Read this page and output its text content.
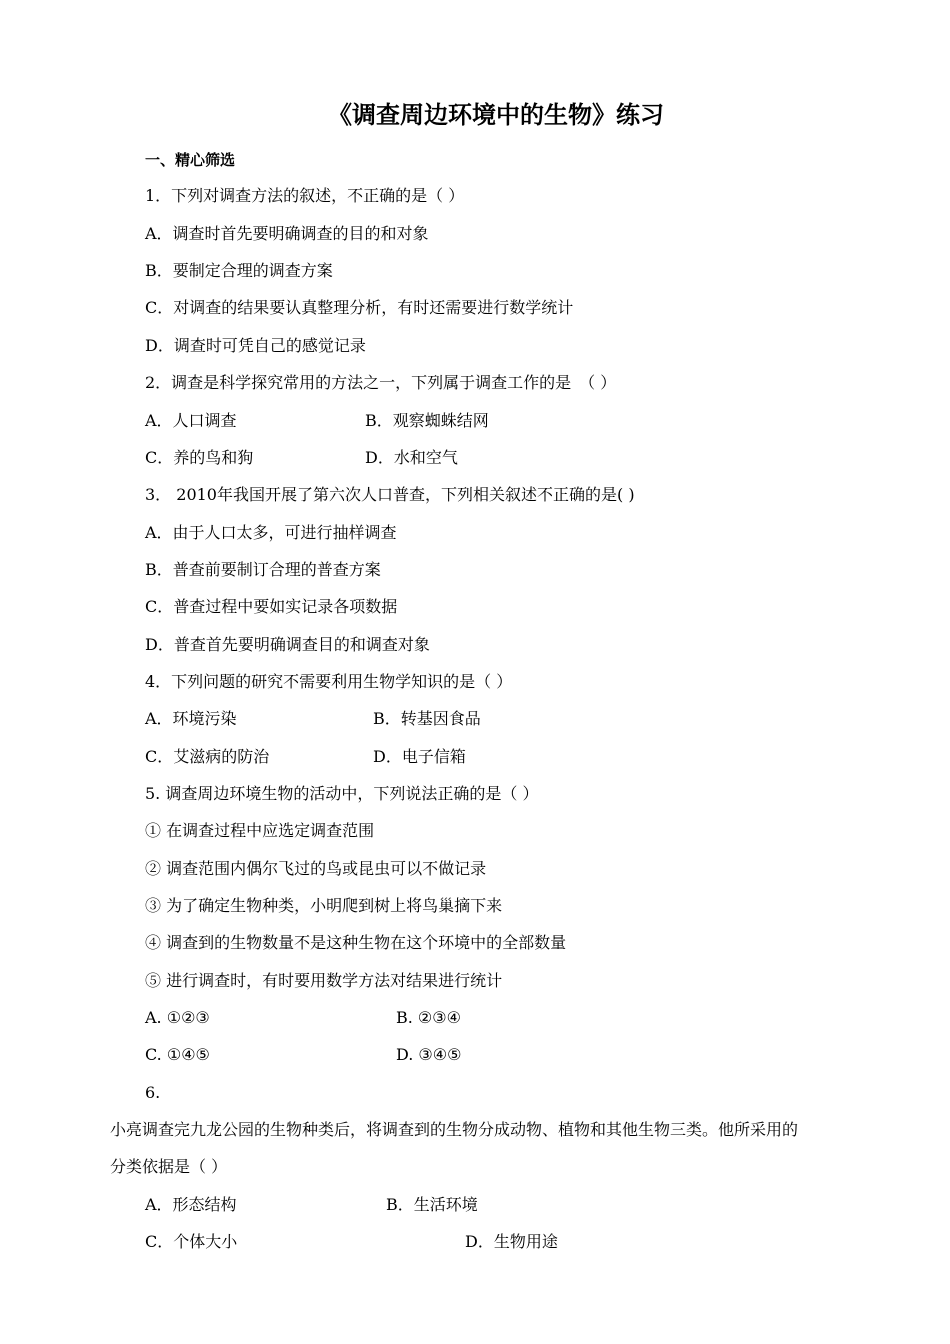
《调查周边环境中的生物》练习
一、精心筛选
1．下列对调查方法的叙述，不正确的是（ ）
A．调查时首先要明确调查的目的和对象
B．要制定合理的调查方案
C．对调查的结果要认真整理分析，有时还需要进行数学统计
D．调查时可凭自己的感觉记录
2．调查是科学探究常用的方法之一，下列属于调查工作的是　（ ）
A．人口调查	B．观察蜘蛛结网
C．养的鸟和狗	D．水和空气
3． 2010年我国开展了第六次人口普查，下列相关叙述不正确的是( )
A．由于人口太多，可进行抽样调查
B．普查前要制订合理的普查方案
C．普查过程中要如实记录各项数据
D．普查首先要明确调查目的和调查对象
4．下列问题的研究不需要利用生物学知识的是（ ）
A．环境污染	B．转基因食品
C．艾滋病的防治	D．电子信箱
5. 调查周边环境生物的活动中，下列说法正确的是（ ）
① 在调查过程中应选定调查范围
② 调查范围内偶尔飞过的鸟或昆虫可以不做记录
③ 为了确定生物种类，小明爬到树上将鸟巢摘下来
④ 调查到的生物数量不是这种生物在这个环境中的全部数量
⑤ 进行调查时，有时要用数学方法对结果进行统计
A. ①②③	B. ②③④
C. ①④⑤	D. ③④⑤
6.
小亮调查完九龙公园的生物种类后，将调查到的生物分成动物、植物和其他生物三类。他所采用的
分类依据是（ ）
A．形态结构	B．生活环境
C．个体大小	D．生物用途
